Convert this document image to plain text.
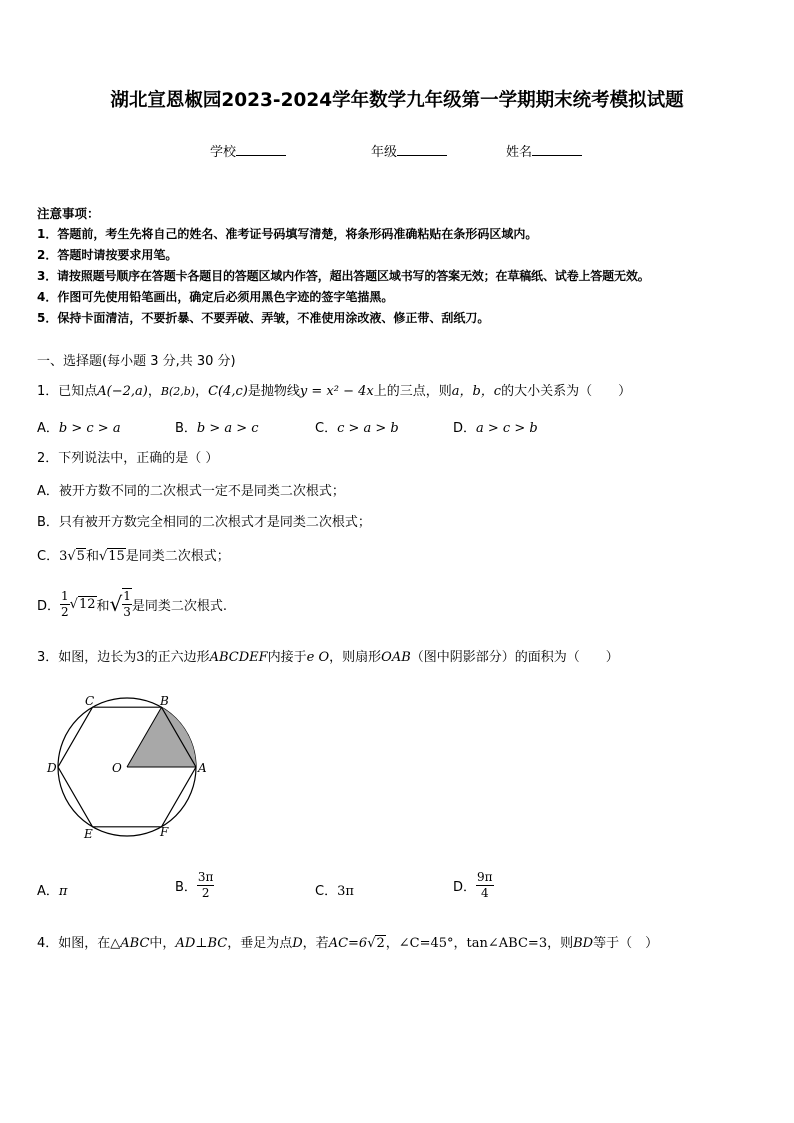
湖北宣恩椒园2023-2024学年数学九年级第一学期期末统考模拟试题
学校	年级	姓名
注意事项：
1．答题前，考生先将自己的姓名、准考证号码填写清楚，将条形码准确粘贴在条形码区域内。
2．答题时请按要求用笔。
3．请按照题号顺序在答题卡各题目的答题区域内作答，超出答题区域书写的答案无效；在草稿纸、试卷上答题无效。
4．作图可先使用铅笔画出，确定后必须用黑色字迹的签字笔描黑。
5．保持卡面清洁，不要折暴、不要弄破、弄皱，不准使用涂改液、修正带、刮纸刀。
一、选择题(每小题 3 分,共 30 分)
1．已知点A(−2,a)，B(2,b)，C(4,c)是抛物线y = x² − 4x上的三点，则a，b，c的大小关系为（　　）
A．b > c > a	B．b > a > c	C．c > a > b	D．a > c > b
2．下列说法中，正确的是（ ）
A．被开方数不同的二次根式一定不是同类二次根式；
B．只有被开方数完全相同的二次根式才是同类二次根式；
C．3√5和√15是同类二次根式；
D． $\frac{1}{2} √12$ 和 √ $\frac{1}{3}$ 是同类二次根式.
3．如图，边长为3的正六边形ABCDEF内接于e O，则扇形OAB（图中阴影部分）的面积为（　　）
A
B
C
D
E	F
O
A．π	B． $\frac{3\pi}{2}$	C．3π	D． $\frac{9\pi}{4}$
4．如图，在△ABC中，AD⊥BC，垂足为点D，若AC=6√2，∠C=45°，tan∠ABC=3，则BD等于（　）
